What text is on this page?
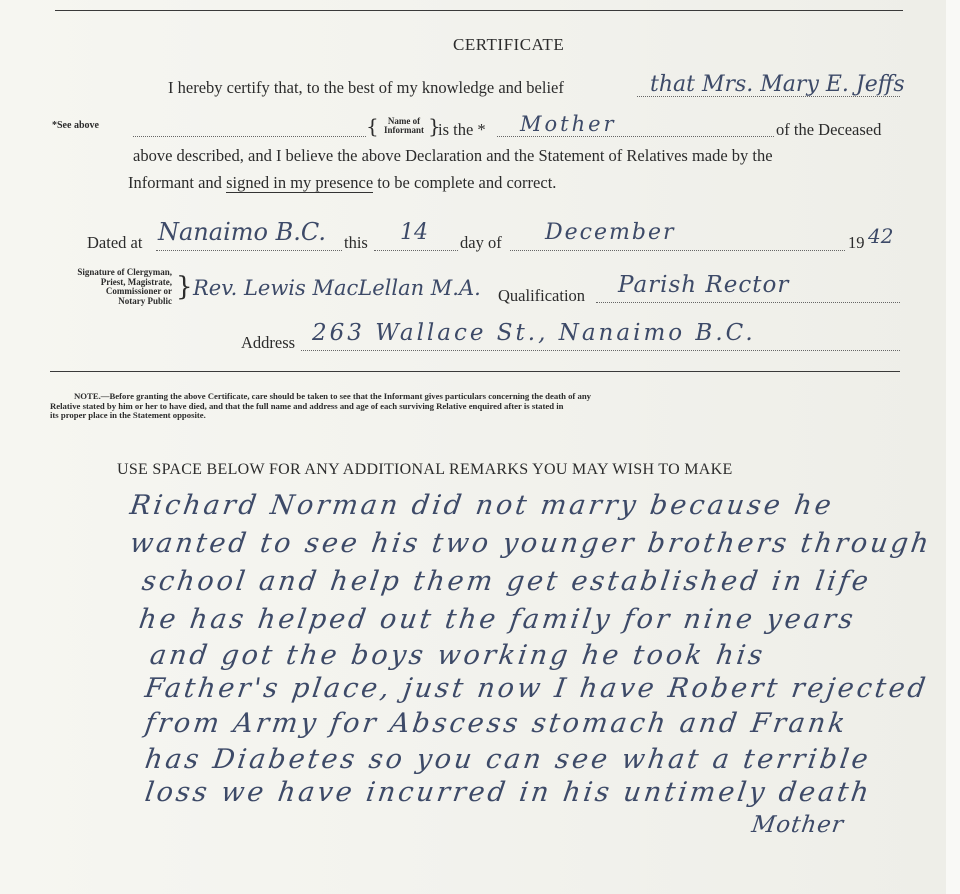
CERTIFICATE
I hereby certify that, to the best of my knowledge and belief	that Mrs. Mary E. Jeffs
*See above	{	Name of
Informant }
is the * Mother	of the Deceased
above described, and I believe the above Declaration and the Statement of Relatives made by the
Informant and signed in my presence to be complete and correct.
Dated at Nanaimo B.C. this 14 day of December	19 42
Signature of Clergyman,
Priest, Magistrate,
Commissioner or
Notary Public } Rev. Lewis MacLellan M.A. Qualification Parish Rector
Address 263 Wallace St., Nanaimo B.C.
NOTE.—Before granting the above Certificate, care should be taken to see that the Informant gives particulars concerning the death of any
Relative stated by him or her to have died, and that the full name and address and age of each surviving Relative enquired after is stated in
its proper place in the Statement opposite.
USE SPACE BELOW FOR ANY ADDITIONAL REMARKS YOU MAY WISH TO MAKE
Richard Norman did not marry because he
wanted to see his two younger brothers through
school and help them get established in life
he has helped out the family for nine years
and got the boys working he took his
Father's place, just now I have Robert rejected
from Army for Abscess stomach and Frank
has Diabetes so you can see what a terrible
loss we have incurred in his untimely death
Mother
